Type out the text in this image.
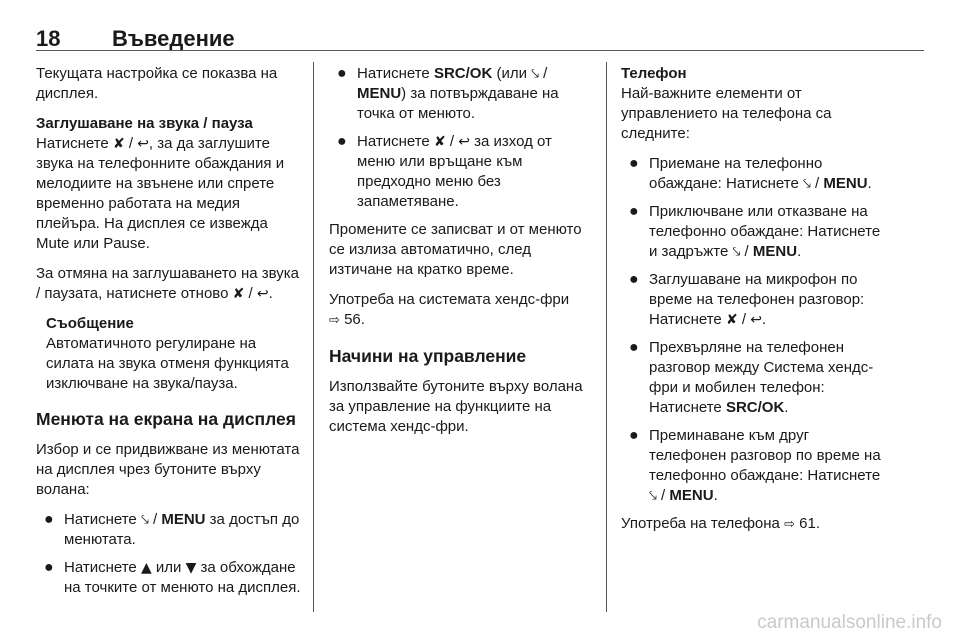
18 Въведение

Текущата настройка се показва на дисплея.

Заглушаване на звука / пауза
Натиснете ✘ / ↩, за да заглушите звука на телефонните обаждания и мелодиите на звънене или спрете временно работата на медия плейъра. На дисплея се извежда Mute или Pause.

За отмяна на заглушаването на звука / паузата, натиснете отново ✘ / ↩.

Съобщение
Автоматичното регулиране на силата на звука отменя функцията изключване на звука/пауза.
Менюта на екрана на дисплея

Избор и се придвижване из менютата на дисплея чрез бутоните върху волана:

● Натиснете ⤥ / MENU за достъп до менютата.
● Натиснете ▲ или ▼ за обхождане на точките от менюто на дисплея.
● Натиснете SRC/OK (или ⤥ / MENU) за потвърждаване на точка от менюто.
● Натиснете ✘ / ↩ за изход от меню или връщане към предходно меню без запаметяване.

Промените се записват и от менюто се излиза автоматично, след изтичане на кратко време.

Употреба на системата хендс-фри
⇨ 56.

Начини на управление

Използвайте бутоните върху волана за управление на функциите на система хендс-фри.

Телефон
Най-важните елементи от управлението на телефона са следните:

● Приемане на телефонно обаждане: Натиснете ⤥ / MENU.
● Приключване или отказване на телефонно обаждане: Натиснете и задръжте ⤥ / MENU.
● Заглушаване на микрофон по време на телефонен разговор: Натиснете ✘ / ↩.
● Прехвърляне на телефонен разговор между Система хендс-фри и мобилен телефон: Натиснете SRC/OK.
● Преминаване към друг телефонен разговор по време на телефонно обаждане: Натиснете ⤥ / MENU.

Употреба на телефона ⇨ 61.

carmanualsonline.info
